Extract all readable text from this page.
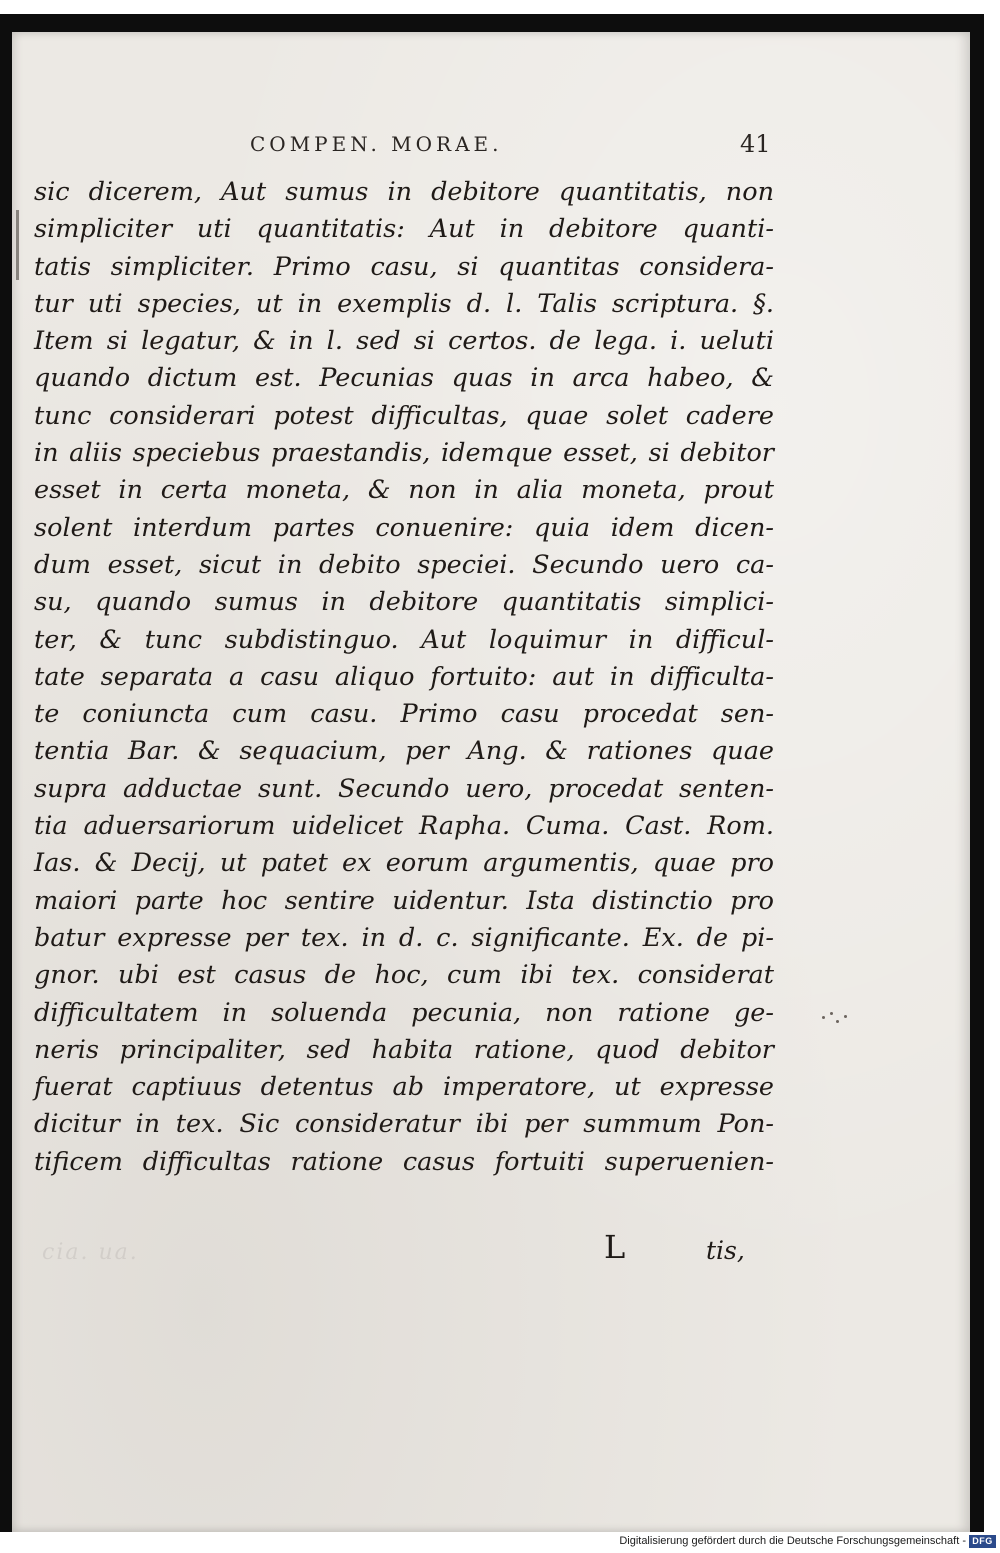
COMPEN. MORAE.	41
sic dicerem, Aut sumus in debitore quantitatis, non
simpliciter uti quantitatis: Aut in debitore quanti-
tatis simpliciter. Primo casu, si quantitas considera-
tur uti species, ut in exemplis d. l. Talis scriptura. §.
Item si legatur, & in l. sed si certos. de lega. i. ueluti
quando dictum est. Pecunias quas in arca habeo, &
tunc considerari potest difficultas, quae solet cadere
in aliis speciebus praestandis, idemque esset, si debitor
esset in certa moneta, & non in alia moneta, prout
solent interdum partes conuenire: quia idem dicen-
dum esset, sicut in debito speciei. Secundo uero ca-
su, quando sumus in debitore quantitatis simplici-
ter, & tunc subdistinguo. Aut loquimur in difficul-
tate separata a casu aliquo fortuito: aut in difficulta-
te coniuncta cum casu. Primo casu procedat sen-
tentia Bar. & sequacium, per Ang. & rationes quae
supra adductae sunt. Secundo uero, procedat senten-
tia aduersariorum uidelicet Rapha. Cuma. Cast. Rom.
Ias. & Decij, ut patet ex eorum argumentis, quae pro
maiori parte hoc sentire uidentur. Ista distinctio pro
batur expresse per tex. in d. c. significante. Ex. de pi-
gnor. ubi est casus de hoc, cum ibi tex. considerat
difficultatem in soluenda pecunia, non ratione ge-
neris principaliter, sed habita ratione, quod debitor
fuerat captiuus detentus ab imperatore, ut expresse
dicitur in tex. Sic consideratur ibi per summum Pon-
tificem difficultas ratione casus fortuiti superuenien-
cia. ua.	L	tis,
Digitalisierung gefördert durch die Deutsche Forschungsgemeinschaft - DFG
